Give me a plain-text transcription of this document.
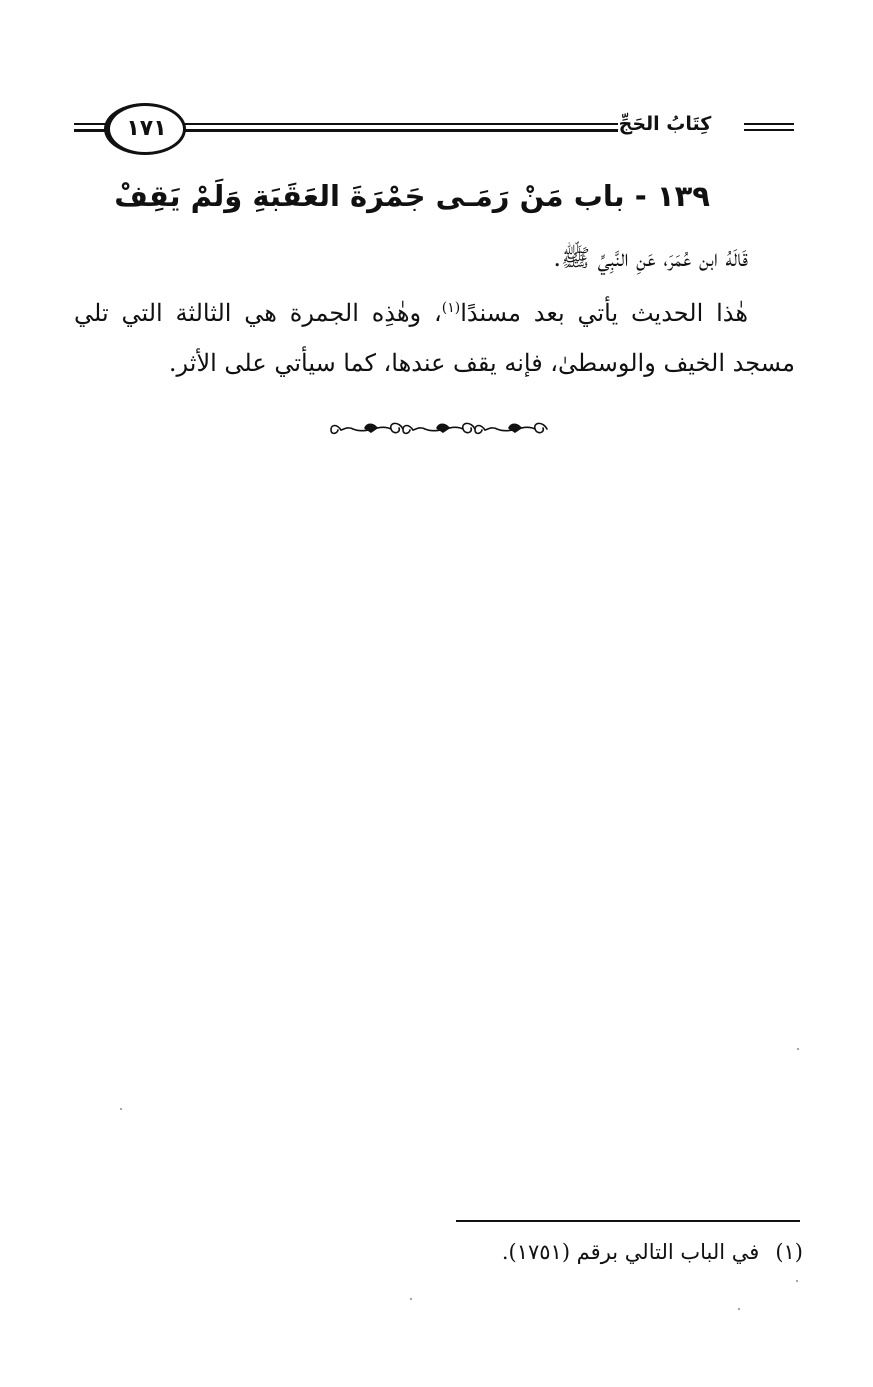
كِتَابُ الحَجِّ
١٧١
١٣٩ - باب مَنْ رَمَـى جَمْرَةَ العَقَبَةِ وَلَمْ يَقِفْ
قَالَهُ ابن عُمَرَ، عَنِ النَّبِيِّ ﷺ.
هٰذا الحديث يأتي بعد مسندًا$^{(١)}$، وهٰذِه الجمرة هي الثالثة التي تلي
مسجد الخيف والوسطىٰ، فإنه يقف عندها، كما سيأتي على الأثر.
(١)في الباب التالي برقم (١٧٥١).
